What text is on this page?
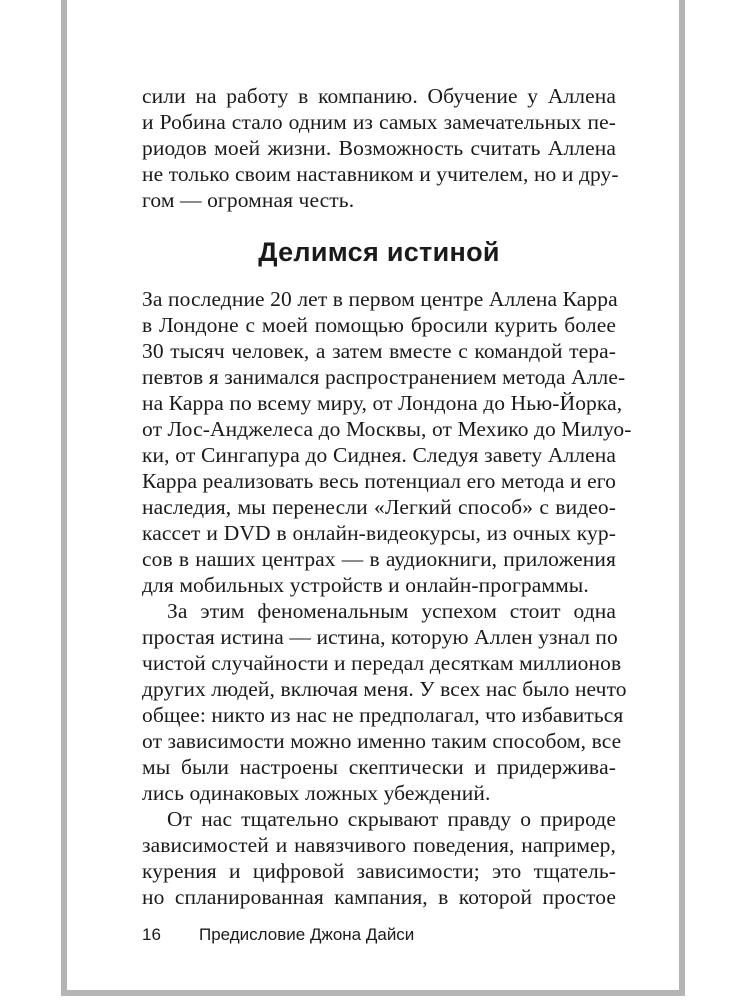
сили на работу в компанию. Обучение у Аллена
и Робина стало одним из самых замечательных пе-
риодов моей жизни. Возможность считать Аллена
не только своим наставником и учителем, но и дру-
гом — огромная честь.
Делимся истиной
За последние 20 лет в первом центре Аллена Карра
в Лондоне с моей помощью бросили курить более
30 тысяч человек, а затем вместе с командой тера-
певтов я занимался распространением метода Алле-
на Карра по всему миру, от Лондона до Нью-Йорка,
от Лос-Анджелеса до Москвы, от Мехико до Милуо-
ки, от Сингапура до Сиднея. Следуя завету Аллена
Карра реализовать весь потенциал его метода и его
наследия, мы перенесли «Легкий способ» с видео-
кассет и DVD в онлайн-видеокурсы, из очных кур-
сов в наших центрах — в аудиокниги, приложения
для мобильных устройств и онлайн-программы.
За этим феноменальным успехом стоит одна
простая истина — истина, которую Аллен узнал по
чистой случайности и передал десяткам миллионов
других людей, включая меня. У всех нас было нечто
общее: никто из нас не предполагал, что избавиться
от зависимости можно именно таким способом, все
мы были настроены скептически и придерживa-
лись одинаковых ложных убеждений.
От нас тщательно скрывают правду о природе
зависимостей и навязчивого поведения, например,
курения и цифровой зависимости; это тщатель-
но спланированная кампания, в которой простое
16 Предисловие Джона Дайси
